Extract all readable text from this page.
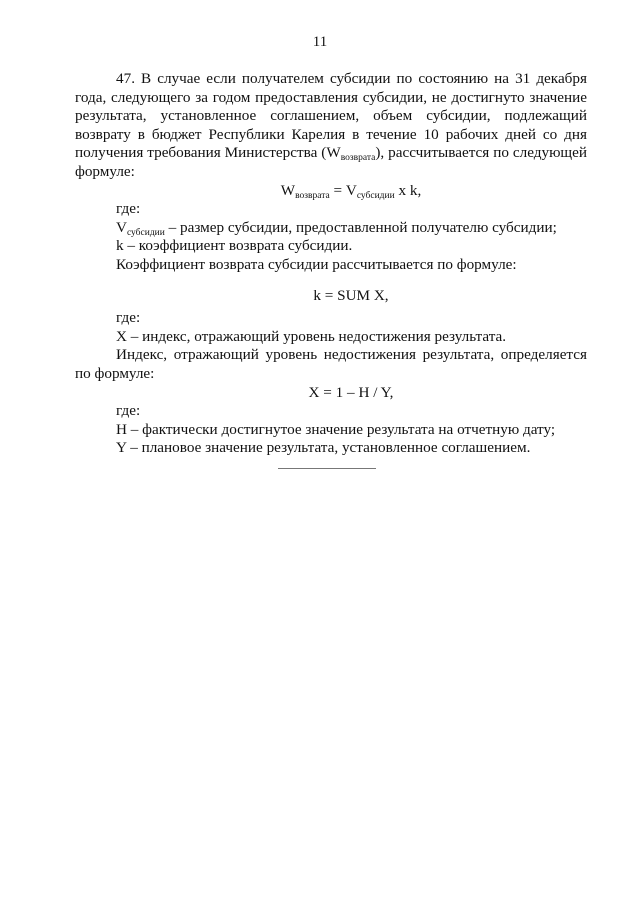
11

47. В случае если получателем субсидии по состоянию на 31 декабря года, следующего за годом предоставления субсидии, не достигнуто значение результата, установленное соглашением, объем субсидии, подлежащий возврату в бюджет Республики Карелия в течение 10 рабочих дней со дня получения требования Министерства $(W_{возврата})$, рассчитывается по следующей формуле:

$W_{возврата} = V_{субсидии}$ x k,

где:

$V_{субсидии}$ – размер субсидии, предоставленной получателю субсидии;

k – коэффициент возврата субсидии.

Коэффициент возврата субсидии рассчитывается по формуле:

k = SUM X,

где:

X – индекс, отражающий уровень недостижения результата.

Индекс, отражающий уровень недостижения результата, определяется по формуле:

X = 1 – H / Y,

где:

H – фактически достигнутое значение результата на отчетную дату;

Y – плановое значение результата, установленное соглашением.
